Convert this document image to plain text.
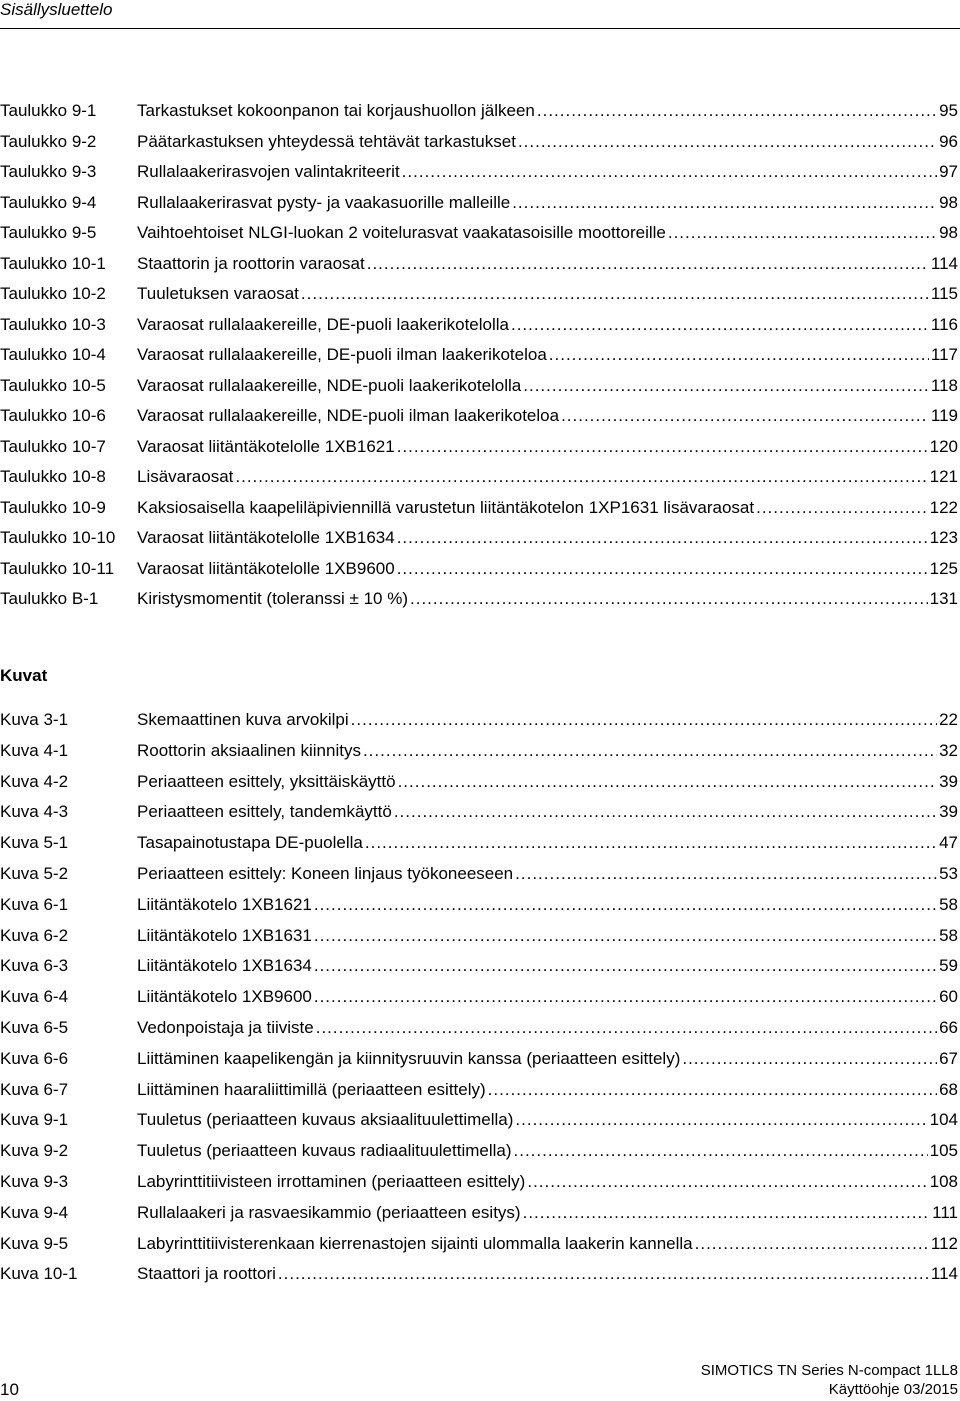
Sisällysluettelo
Taulukko 9-1	Tarkastukset kokoonpanon tai korjaushuollon jälkeen .....	95
Taulukko 9-2	Päätarkastuksen yhteydessä tehtävät tarkastukset .....	96
Taulukko 9-3	Rullalaakerirasvojen valintakriteerit .....	97
Taulukko 9-4	Rullalaakerirasvat pysty- ja vaakasuorille malleille .....	98
Taulukko 9-5	Vaihtoehtoiset NLGI-luokan 2 voitelurasvat vaakatasoisille moottoreille .....	98
Taulukko 10-1	Staattorin ja roottorin varaosat .....	114
Taulukko 10-2	Tuuletuksen varaosat .....	115
Taulukko 10-3	Varaosat rullalaakereille, DE-puoli laakerikotelolla .....	116
Taulukko 10-4	Varaosat rullalaakereille, DE-puoli ilman laakerikoteloa .....	117
Taulukko 10-5	Varaosat rullalaakereille, NDE-puoli laakerikotelolla .....	118
Taulukko 10-6	Varaosat rullalaakereille, NDE-puoli ilman laakerikoteloa .....	119
Taulukko 10-7	Varaosat liitäntäkotelolle 1XB1621 .....	120
Taulukko 10-8	Lisävaraosat .....	121
Taulukko 10-9	Kaksiosaisella kaapeliläpiviennillä varustetun liitäntäkotelon 1XP1631 lisävaraosat .....	122
Taulukko 10-10	Varaosat liitäntäkotelolle 1XB1634 .....	123
Taulukko 10-11	Varaosat liitäntäkotelolle 1XB9600 .....	125
Taulukko B-1	Kiristysmomentit (toleranssi ± 10 %) .....	131
Kuvat
Kuva 3-1	Skemaattinen kuva arvokilpi .....	22
Kuva 4-1	Roottorin aksiaalinen kiinnitys .....	32
Kuva 4-2	Periaatteen esittely, yksittäiskäyttö .....	39
Kuva 4-3	Periaatteen esittely, tandemkäyttö .....	39
Kuva 5-1	Tasapainotustapa DE-puolella .....	47
Kuva 5-2	Periaatteen esittely: Koneen linjaus työkoneeseen .....	53
Kuva 6-1	Liitäntäkotelo 1XB1621 .....	58
Kuva 6-2	Liitäntäkotelo 1XB1631 .....	58
Kuva 6-3	Liitäntäkotelo 1XB1634 .....	59
Kuva 6-4	Liitäntäkotelo 1XB9600 .....	60
Kuva 6-5	Vedonpoistaja ja tiiviste .....	66
Kuva 6-6	Liittäminen kaapelikengän ja kiinnitysruuvin kanssa (periaatteen esittely) .....	67
Kuva 6-7	Liittäminen haaraliittimillä (periaatteen esittely) .....	68
Kuva 9-1	Tuuletus (periaatteen kuvaus aksiaalituulettimella) .....	104
Kuva 9-2	Tuuletus (periaatteen kuvaus radiaalituulettimella) .....	105
Kuva 9-3	Labyrinttitiivisteen irrottaminen (periaatteen esittely) .....	108
Kuva 9-4	Rullalaakeri ja rasvaesikammio (periaatteen esitys) .....	111
Kuva 9-5	Labyrinttitiivisterenkaan kierrenastojen sijainti ulommalla laakerin kannella .....	112
Kuva 10-1	Staattori ja roottori .....	114
10
SIMOTICS TN Series N-compact 1LL8
Käyttöohje 03/2015
